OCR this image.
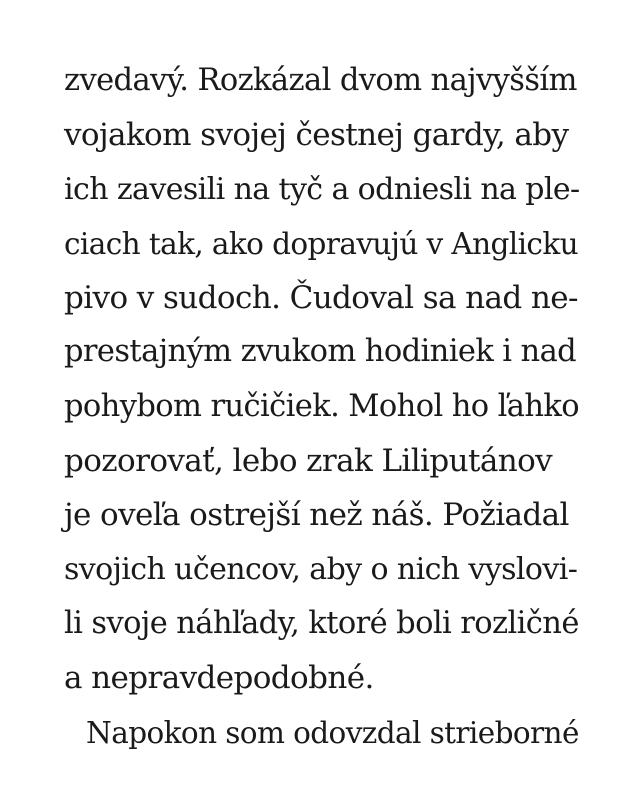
zvedavý. Rozkázal dvom najvyšším
vojakom svojej čestnej gardy, aby
ich zavesili na tyč a odniesli na ple-
ciach tak, ako dopravujú v Anglicku
pivo v sudoch. Čudoval sa nad ne-
prestajným zvukom hodiniek i nad
pohybom ručičiek. Mohol ho ľahko
pozorovať, lebo zrak Liliputánov
je oveľa ostrejší než náš. Požiadal
svojich učencov, aby o nich vyslovi-
li svoje náhľady, ktoré boli rozličné
a nepravdepodobné.
Napokon som odovzdal strieborné
